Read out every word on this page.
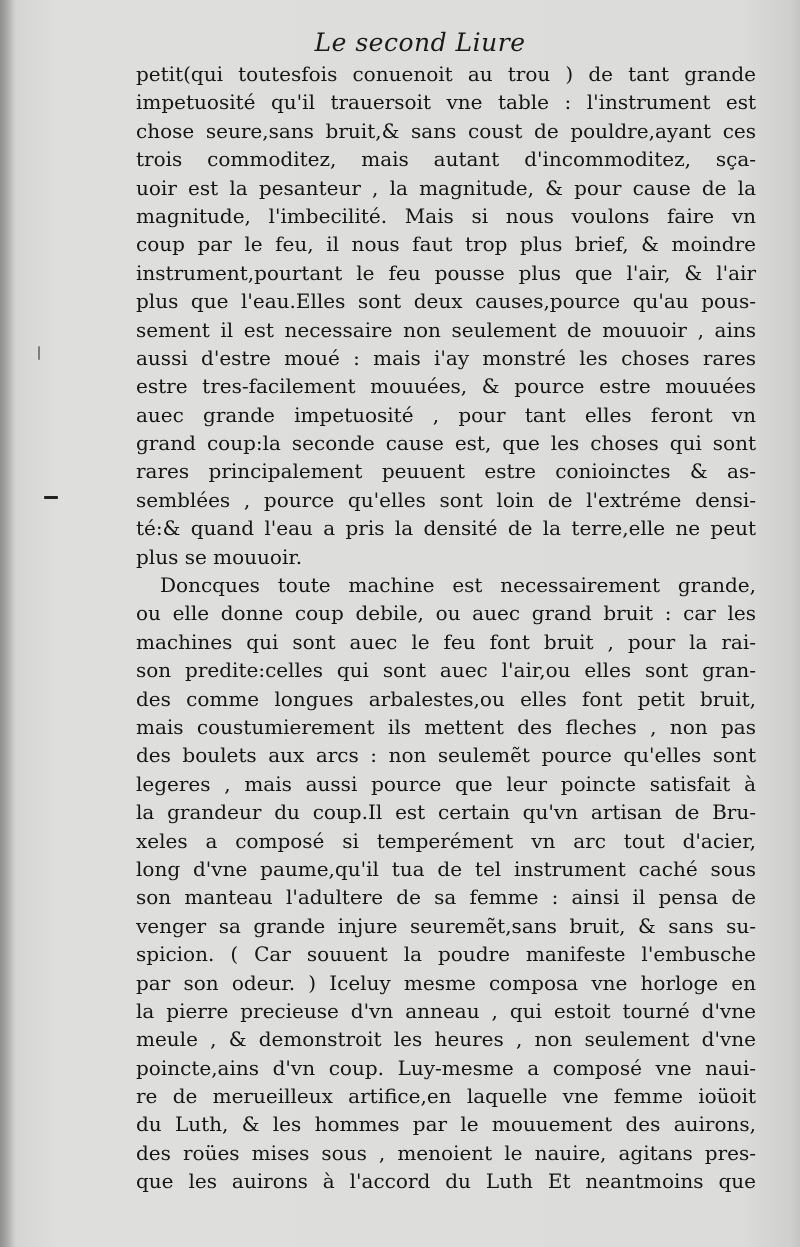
Le second Liure
petit(qui toutesfois conuenoit au trou ) de tant grande
impetuosité qu'il trauersoit vne table : l'instrument est
chose seure,sans bruit,& sans coust de pouldre,ayant ces
trois commoditez, mais autant d'incommoditez, sça-
uoir est la pesanteur , la magnitude, & pour cause de la
magnitude, l'imbecilité. Mais si nous voulons faire vn
coup par le feu, il nous faut trop plus brief, & moindre
instrument,pourtant le feu pousse plus que l'air, & l'air
plus que l'eau.Elles sont deux causes,pource qu'au pous-
sement il est necessaire non seulement de mouuoir , ains
aussi d'estre moué : mais i'ay monstré les choses rares
estre tres-facilement mouuées, & pource estre mouuées
auec grande impetuosité , pour tant elles feront vn
grand coup:la seconde cause est, que les choses qui sont
rares principalement peuuent estre conioinctes & as-
semblées , pource qu'elles sont loin de l'extréme densi-
té:& quand l'eau a pris la densité de la terre,elle ne peut
plus se mouuoir.
Doncques toute machine est necessairement grande,
ou elle donne coup debile, ou auec grand bruit : car les
machines qui sont auec le feu font bruit , pour la rai-
son predite:celles qui sont auec l'air,ou elles sont gran-
des comme longues arbalestes,ou elles font petit bruit,
mais coustumierement ils mettent des fleches , non pas
des boulets aux arcs : non seulemẽt pource qu'elles sont
legeres , mais aussi pource que leur poincte satisfait à
la grandeur du coup.Il est certain qu'vn artisan de Bru-
xeles a composé si temperément vn arc tout d'acier,
long d'vne paume,qu'il tua de tel instrument caché sous
son manteau l'adultere de sa femme : ainsi il pensa de
venger sa grande injure seuremẽt,sans bruit, & sans su-
spicion. ( Car souuent la poudre manifeste l'embusche
par son odeur. ) Iceluy mesme composa vne horloge en
la pierre precieuse d'vn anneau , qui estoit tourné d'vne
meule , & demonstroit les heures , non seulement d'vne
poincte,ains d'vn coup. Luy-mesme a composé vne naui-
re de merueilleux artifice,en laquelle vne femme ioüoit
du Luth, & les hommes par le mouuement des auirons,
des roües mises sous , menoient le nauire, agitans pres-
que les auirons à l'accord du Luth Et neantmoins que
